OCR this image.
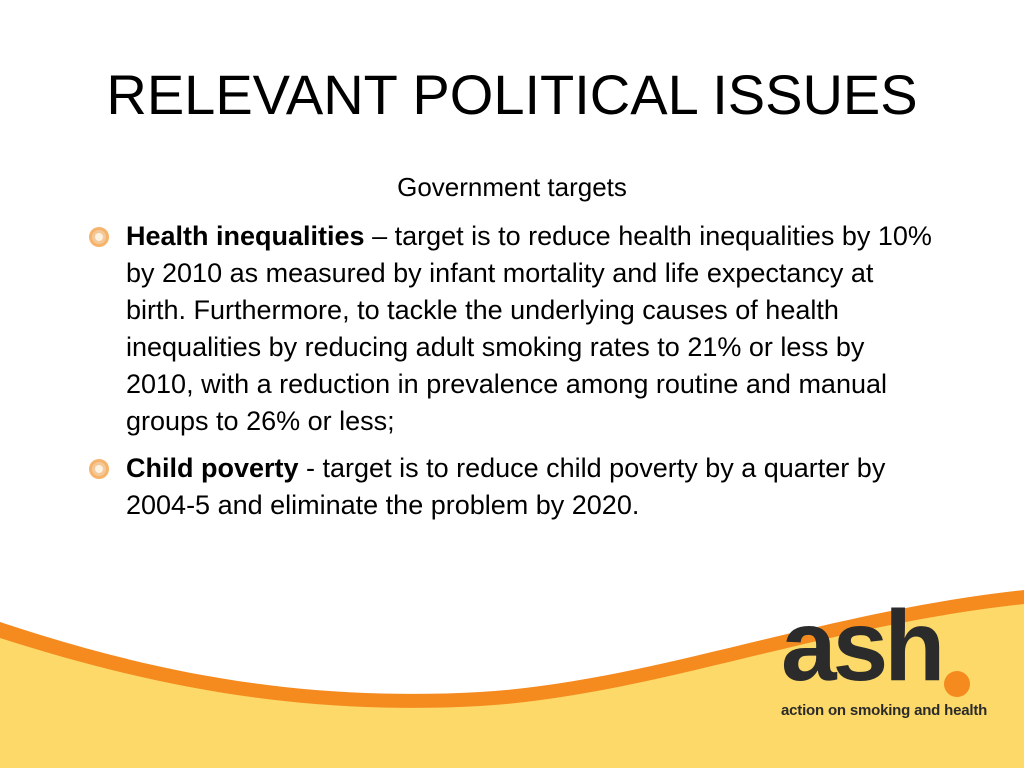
RELEVANT POLITICAL ISSUES
Government targets
Health inequalities – target is to reduce health inequalities by 10% by 2010 as measured by infant mortality and life expectancy at birth. Furthermore, to tackle the underlying causes of health inequalities by reducing adult smoking rates to 21% or less by 2010, with a reduction in prevalence among routine and manual groups to 26% or less;
Child poverty - target is to reduce child poverty by a quarter by 2004-5 and eliminate the problem by 2020.
ash
action on smoking and health
